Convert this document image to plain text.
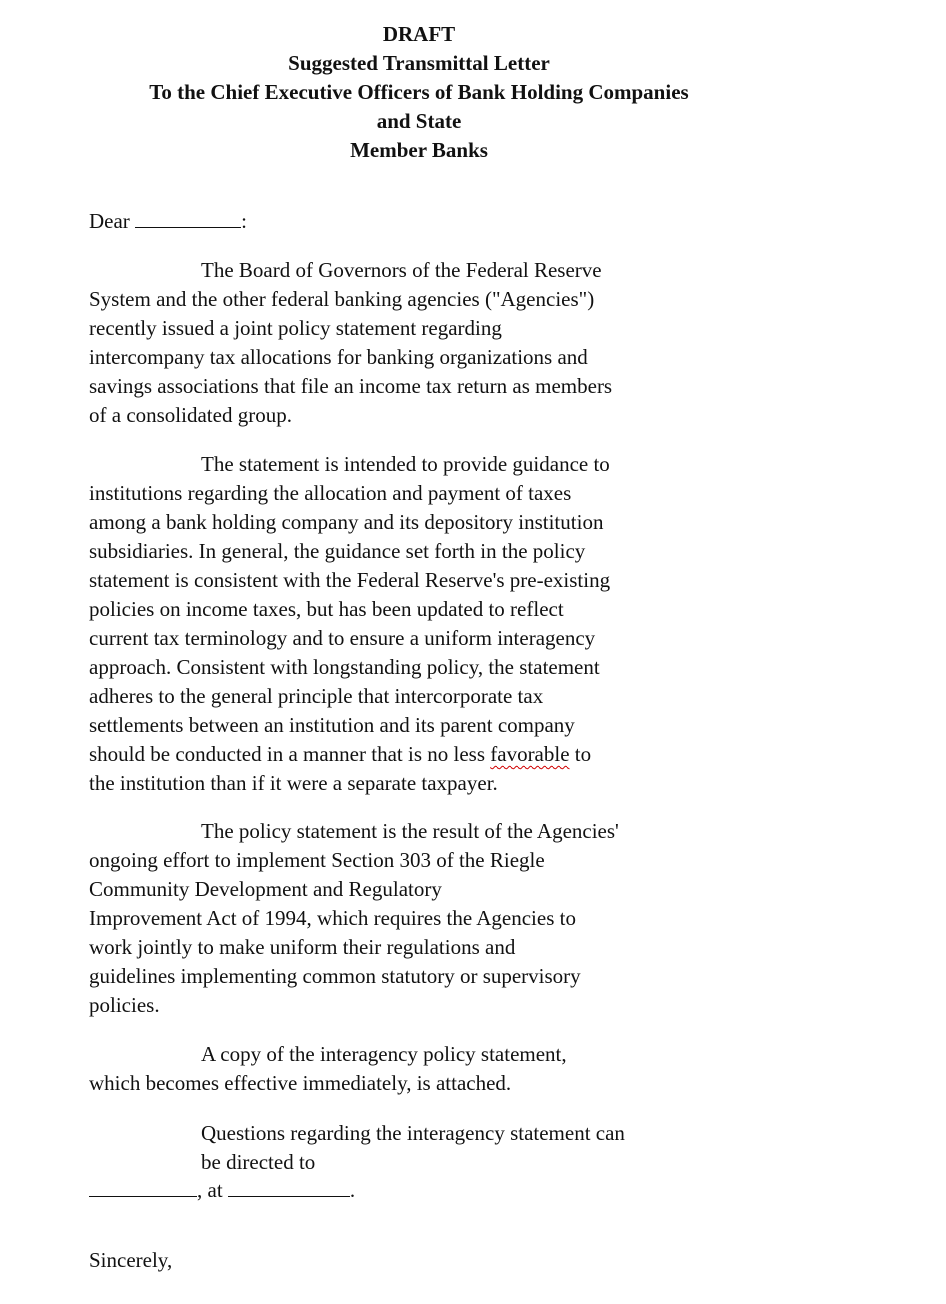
DRAFT
Suggested Transmittal Letter
To the Chief Executive Officers of Bank Holding Companies
and State
Member Banks
Dear	:
The Board of Governors of the Federal Reserve
System and the other federal banking agencies ("Agencies")
recently issued a joint policy statement regarding
intercompany tax allocations for banking organizations and
savings associations that file an income tax return as members
of a consolidated group.
The statement is intended to provide guidance to
institutions regarding the allocation and payment of taxes
among a bank holding company and its depository institution
subsidiaries. In general, the guidance set forth in the policy
statement is consistent with the Federal Reserve's pre-existing
policies on income taxes, but has been updated to reflect
current tax terminology and to ensure a uniform interagency
approach. Consistent with longstanding policy, the statement
adheres to the general principle that intercorporate tax
settlements between an institution and its parent company
should be conducted in a manner that is no less favorable to
the institution than if it were a separate taxpayer.
The policy statement is the result of the Agencies'
ongoing effort to implement Section 303 of the Riegle
Community Development and Regulatory
Improvement Act of 1994, which requires the Agencies to
work jointly to make uniform their regulations and
guidelines implementing common statutory or supervisory
policies.
A copy of the interagency policy statement,
which becomes effective immediately, is attached.
Questions regarding the interagency statement can
be directed to
, at	.
Sincerely,
